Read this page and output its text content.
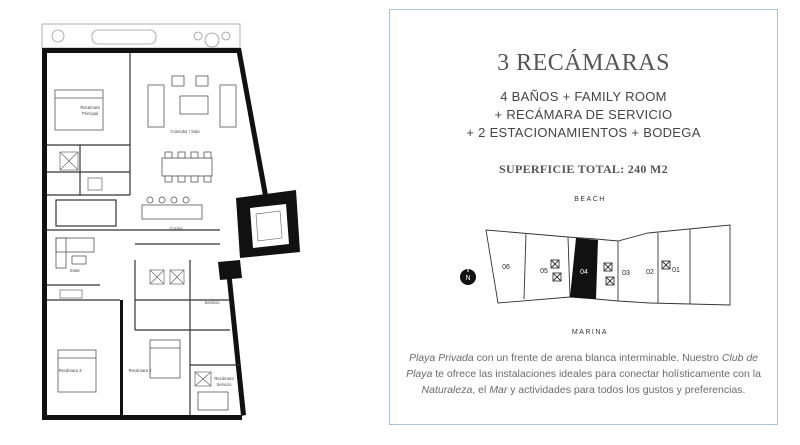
Recámara Principal
Comedor / Sala
Cocina
Estar
Servicio
Recámara 3	Recámara 2
Recámara Servicio
3 RECÁMARAS
4 BAÑOS + FAMILY ROOM
+ RECÁMARA DE SERVICIO
+ 2 ESTACIONAMIENTOS + BODEGA
SUPERFICIE TOTAL: 240 M2
BEACH
MARINA
N
06
05	04	03 02	01
Playa Privada con un frente de arena blanca interminable. Nuestro Club de Playa te ofrece las instalaciones ideales para conectar holísticamente con la Naturaleza, el Mar y actividades para todos los gustos y preferencias.
